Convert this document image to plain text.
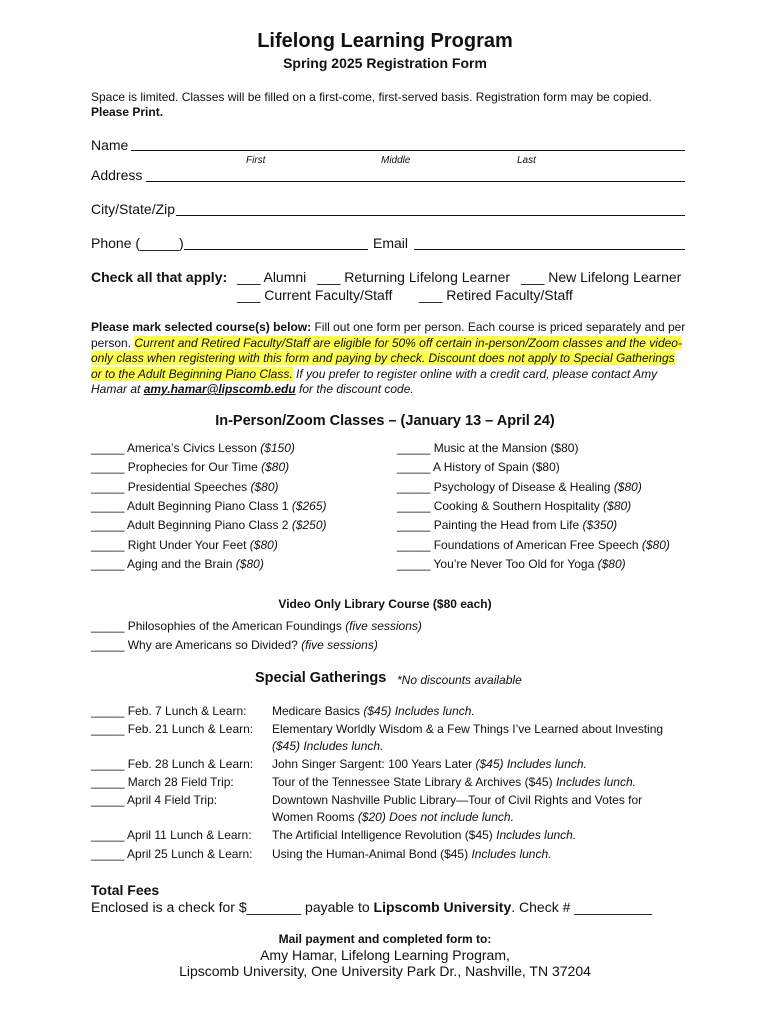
Lifelong Learning Program
Spring 2025 Registration Form
Space is limited. Classes will be filled on a first-come, first-served basis. Registration form may be copied.
Please Print.
Name
First	Middle	Last
Address
City/State/Zip
Phone (_____)	Email
Check all that apply: ___ Alumni ___ Returning Lifelong Learner ___ New Lifelong Learner
___ Current Faculty/Staff ___ Retired Faculty/Staff
Please mark selected course(s) below: Fill out one form per person. Each course is priced separately and per person. Current and Retired Faculty/Staff are eligible for 50% off certain in-person/Zoom classes and the video-only class when registering with this form and paying by check. Discount does not apply to Special Gatherings or to the Adult Beginning Piano Class. If you prefer to register online with a credit card, please contact Amy Hamar at amy.hamar@lipscomb.edu for the discount code.
In-Person/Zoom Classes – (January 13 – April 24)
_____ America’s Civics Lesson ($150)
_____ Prophecies for Our Time ($80)
_____ Presidential Speeches ($80)
_____ Adult Beginning Piano Class 1 ($265)
_____ Adult Beginning Piano Class 2 ($250)
_____ Right Under Your Feet ($80)
_____ Aging and the Brain ($80)
_____ Music at the Mansion ($80)
_____ A History of Spain ($80)
_____ Psychology of Disease & Healing ($80)
_____ Cooking & Southern Hospitality ($80)
_____ Painting the Head from Life ($350)
_____ Foundations of American Free Speech ($80)
_____ You’re Never Too Old for Yoga ($80)
Video Only Library Course ($80 each)
_____ Philosophies of the American Foundings (five sessions)
_____ Why are Americans so Divided? (five sessions)
Special Gatherings *No discounts available
_____ Feb. 7 Lunch & Learn: Medicare Basics ($45) Includes lunch.
_____ Feb. 21 Lunch & Learn: Elementary Worldly Wisdom & a Few Things I’ve Learned about Investing
($45) Includes lunch.
_____ Feb. 28 Lunch & Learn: John Singer Sargent: 100 Years Later ($45) Includes lunch.
_____ March 28 Field Trip:	Tour of the Tennessee State Library & Archives ($45) Includes lunch.
_____ April 4 Field Trip:	Downtown Nashville Public Library—Tour of Civil Rights and Votes for
Women Rooms ($20) Does not include lunch.
_____ April 11 Lunch & Learn: The Artificial Intelligence Revolution ($45) Includes lunch.
_____ April 25 Lunch & Learn: Using the Human-Animal Bond ($45) Includes lunch.
Total Fees
Enclosed is a check for $_______ payable to Lipscomb University. Check # __________
Mail payment and completed form to:
Amy Hamar, Lifelong Learning Program,
Lipscomb University, One University Park Dr., Nashville, TN 37204
